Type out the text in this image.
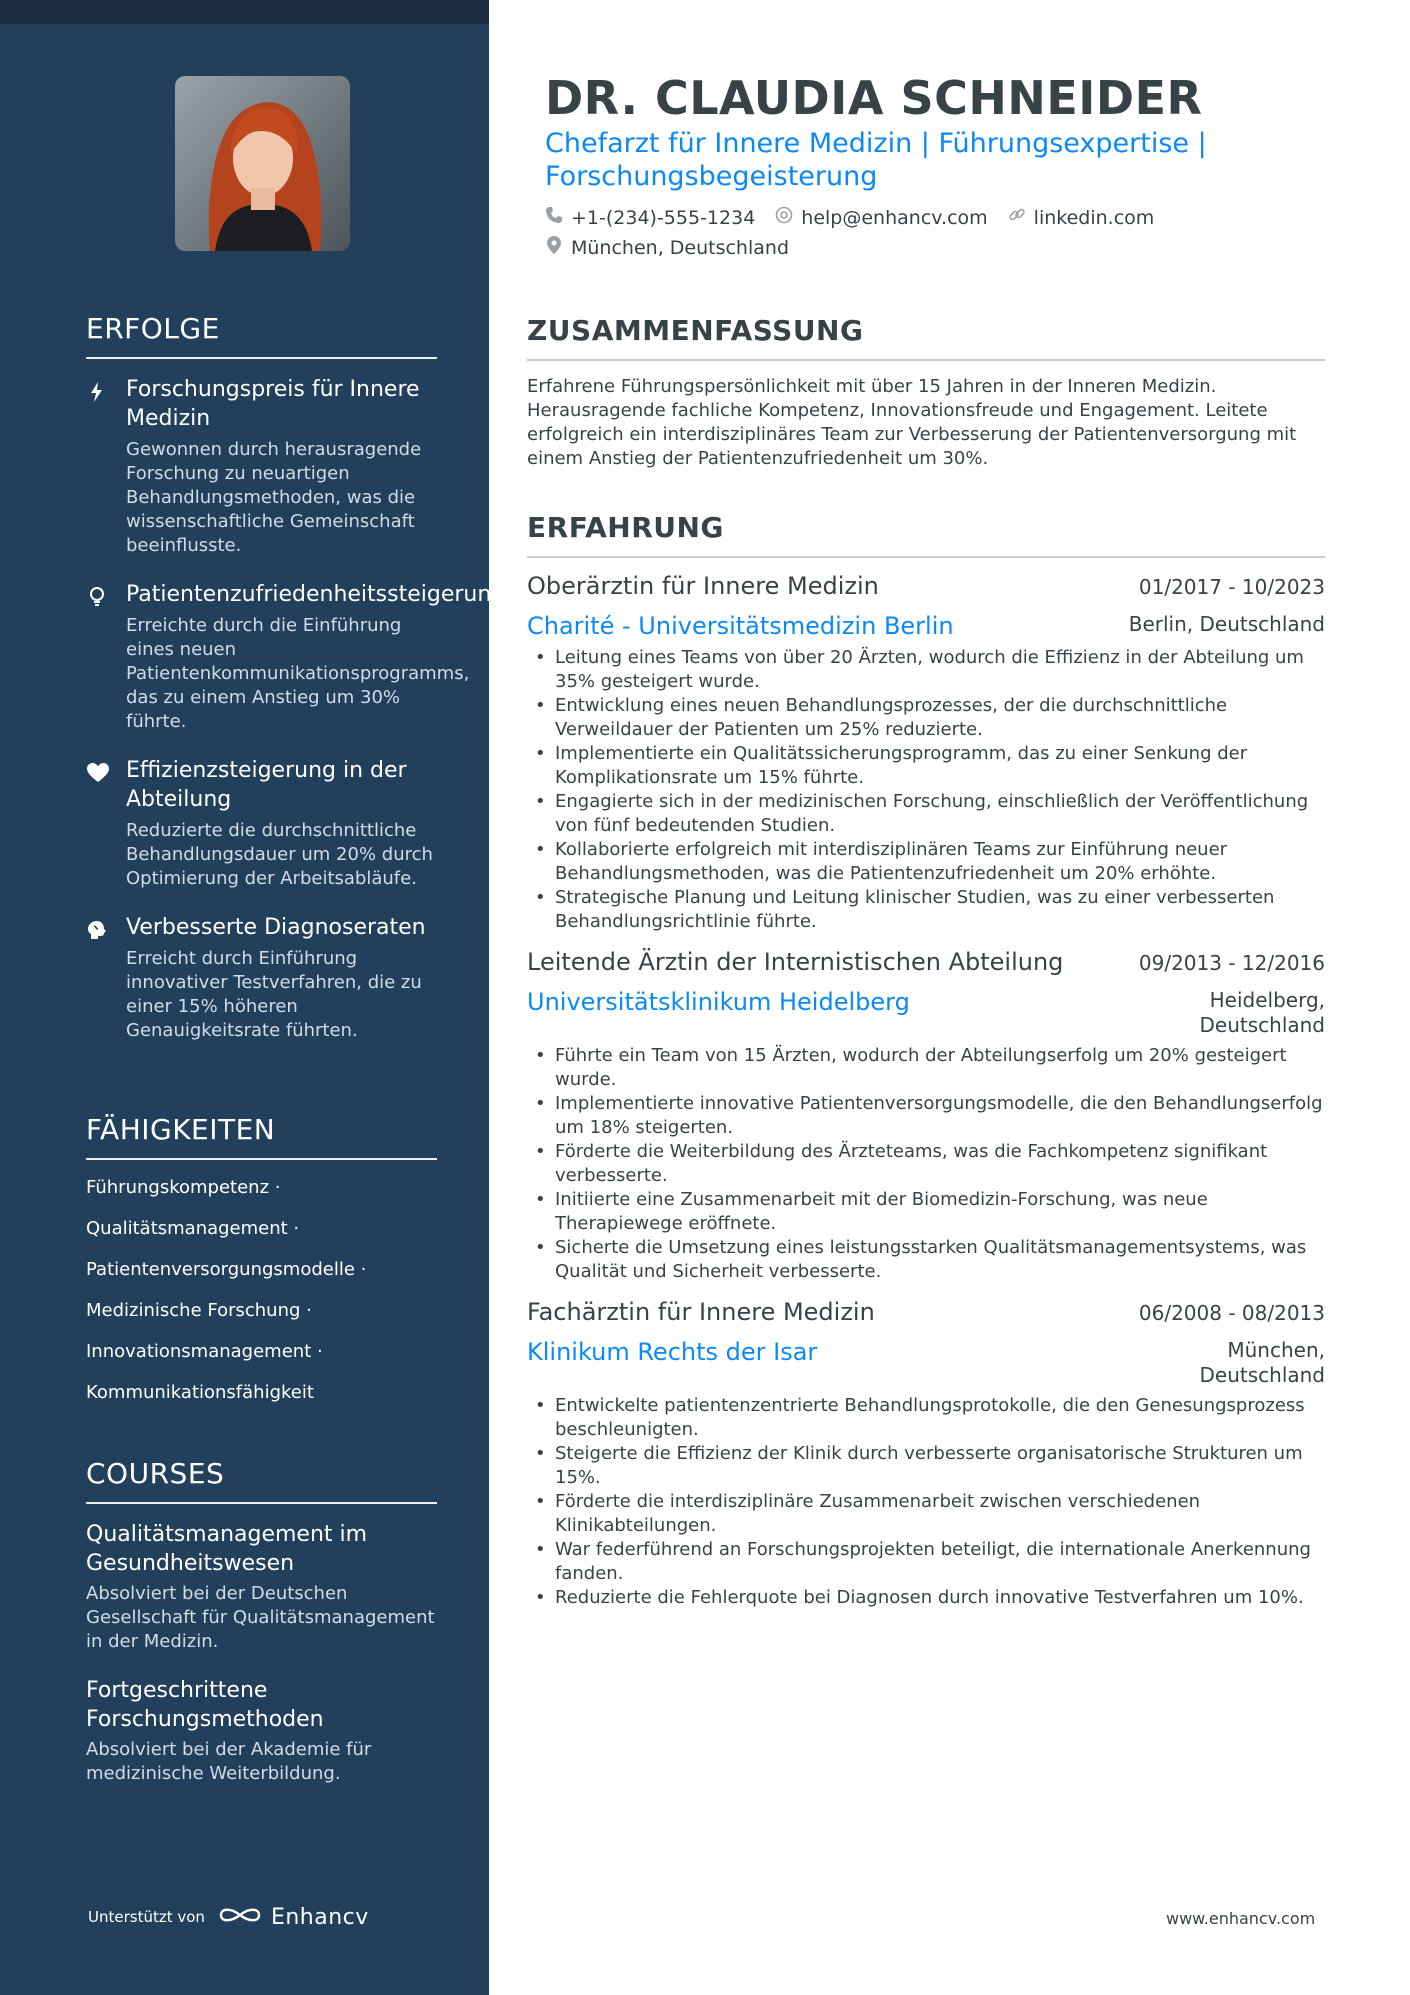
ERFOLGE
Forschungspreis für Innere Medizin
Gewonnen durch herausragende Forschung zu neuartigen Behandlungsmethoden, was die wissenschaftliche Gemeinschaft beeinflusste.
Patientenzufriedenheitssteigerung
Erreichte durch die Einführung eines neuen Patientenkommunikationsprogramms, das zu einem Anstieg um 30% führte.
Effizienzsteigerung in der Abteilung
Reduzierte die durchschnittliche Behandlungsdauer um 20% durch Optimierung der Arbeitsabläufe.
Verbesserte Diagnoseraten
Erreicht durch Einführung innovativer Testverfahren, die zu einer 15% höheren Genauigkeitsrate führten.
FÄHIGKEITEN
Führungskompetenz ·
Qualitätsmanagement ·
Patientenversorgungsmodelle ·
Medizinische Forschung ·
Innovationsmanagement ·
Kommunikationsfähigkeit
COURSES
Qualitätsmanagement im Gesundheitswesen
Absolviert bei der Deutschen Gesellschaft für Qualitätsmanagement in der Medizin.
Fortgeschrittene Forschungsmethoden
Absolviert bei der Akademie für medizinische Weiterbildung.
Unterstützt von	Enhancv
DR. CLAUDIA SCHNEIDER
Chefarzt für Innere Medizin | Führungsexpertise | Forschungsbegeisterung
+1-(234)-555-1234 help@enhancv.com linkedin.com
München, Deutschland
ZUSAMMENFASSUNG

Erfahrene Führungspersönlichkeit mit über 15 Jahren in der Inneren Medizin. Herausragende fachliche Kompetenz, Innovationsfreude und Engagement. Leitete erfolgreich ein interdisziplinäres Team zur Verbesserung der Patientenversorgung mit einem Anstieg der Patientenzufriedenheit um 30%.

ERFAHRUNG
Oberärztin für Innere Medizin	01/2017 - 10/2023
Charité - Universitätsmedizin Berlin	Berlin, Deutschland
• Leitung eines Teams von über 20 Ärzten, wodurch die Effizienz in der Abteilung um 35% gesteigert wurde.
• Entwicklung eines neuen Behandlungsprozesses, der die durchschnittliche Verweildauer der Patienten um 25% reduzierte.
• Implementierte ein Qualitätssicherungsprogramm, das zu einer Senkung der Komplikationsrate um 15% führte.
• Engagierte sich in der medizinischen Forschung, einschließlich der Veröffentlichung von fünf bedeutenden Studien.
• Kollaborierte erfolgreich mit interdisziplinären Teams zur Einführung neuer Behandlungsmethoden, was die Patientenzufriedenheit um 20% erhöhte.
• Strategische Planung und Leitung klinischer Studien, was zu einer verbesserten Behandlungsrichtlinie führte.
Leitende Ärztin der Internistischen Abteilung	09/2013 - 12/2016
Universitätsklinikum Heidelberg	Heidelberg, Deutschland
• Führte ein Team von 15 Ärzten, wodurch der Abteilungserfolg um 20% gesteigert wurde.
• Implementierte innovative Patientenversorgungsmodelle, die den Behandlungserfolg um 18% steigerten.
• Förderte die Weiterbildung des Ärzteteams, was die Fachkompetenz signifikant verbesserte.
• Initiierte eine Zusammenarbeit mit der Biomedizin-Forschung, was neue Therapiewege eröffnete.
• Sicherte die Umsetzung eines leistungsstarken Qualitätsmanagementsystems, was Qualität und Sicherheit verbesserte.
Fachärztin für Innere Medizin	06/2008 - 08/2013
Klinikum Rechts der Isar	München, Deutschland
• Entwickelte patientenzentrierte Behandlungsprotokolle, die den Genesungsprozess beschleunigten.
• Steigerte die Effizienz der Klinik durch verbesserte organisatorische Strukturen um 15%.
• Förderte die interdisziplinäre Zusammenarbeit zwischen verschiedenen Klinikabteilungen.
• War federführend an Forschungsprojekten beteiligt, die internationale Anerkennung fanden.
• Reduzierte die Fehlerquote bei Diagnosen durch innovative Testverfahren um 10%.
www.enhancv.com
